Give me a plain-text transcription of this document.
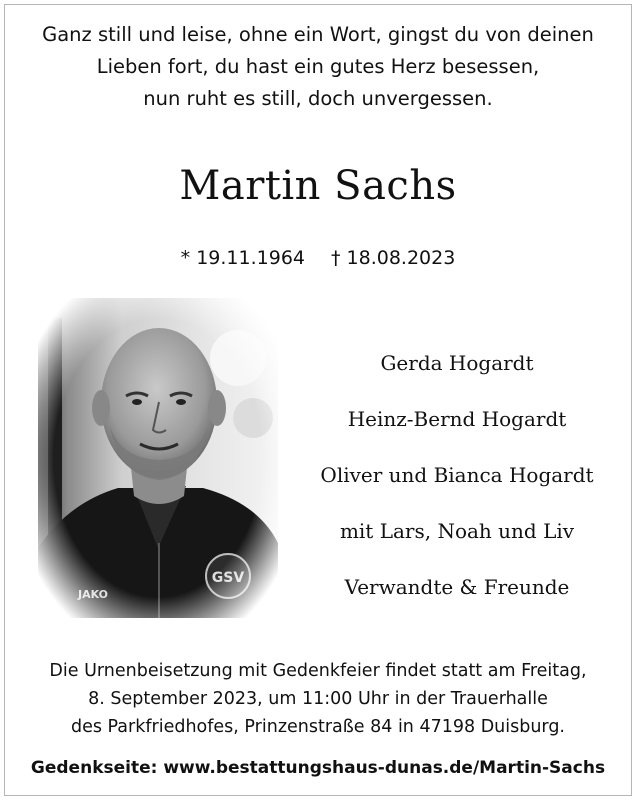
Ganz still und leise, ohne ein Wort, gingst du von deinen
Lieben fort, du hast ein gutes Herz besessen,
nun ruht es still, doch unvergessen.
Martin Sachs
* 19.11.1964 † 18.08.2023
Gerda Hogardt
Heinz-Bernd Hogardt
Oliver und Bianca Hogardt
mit Lars, Noah und Liv
Verwandte & Freunde
Die Urnenbeisetzung mit Gedenkfeier findet statt am Freitag,
8. September 2023, um 11:00 Uhr in der Trauerhalle
des Parkfriedhofes, Prinzenstraße 84 in 47198 Duisburg.
Gedenkseite: www.bestattungshaus-dunas.de/Martin-Sachs
